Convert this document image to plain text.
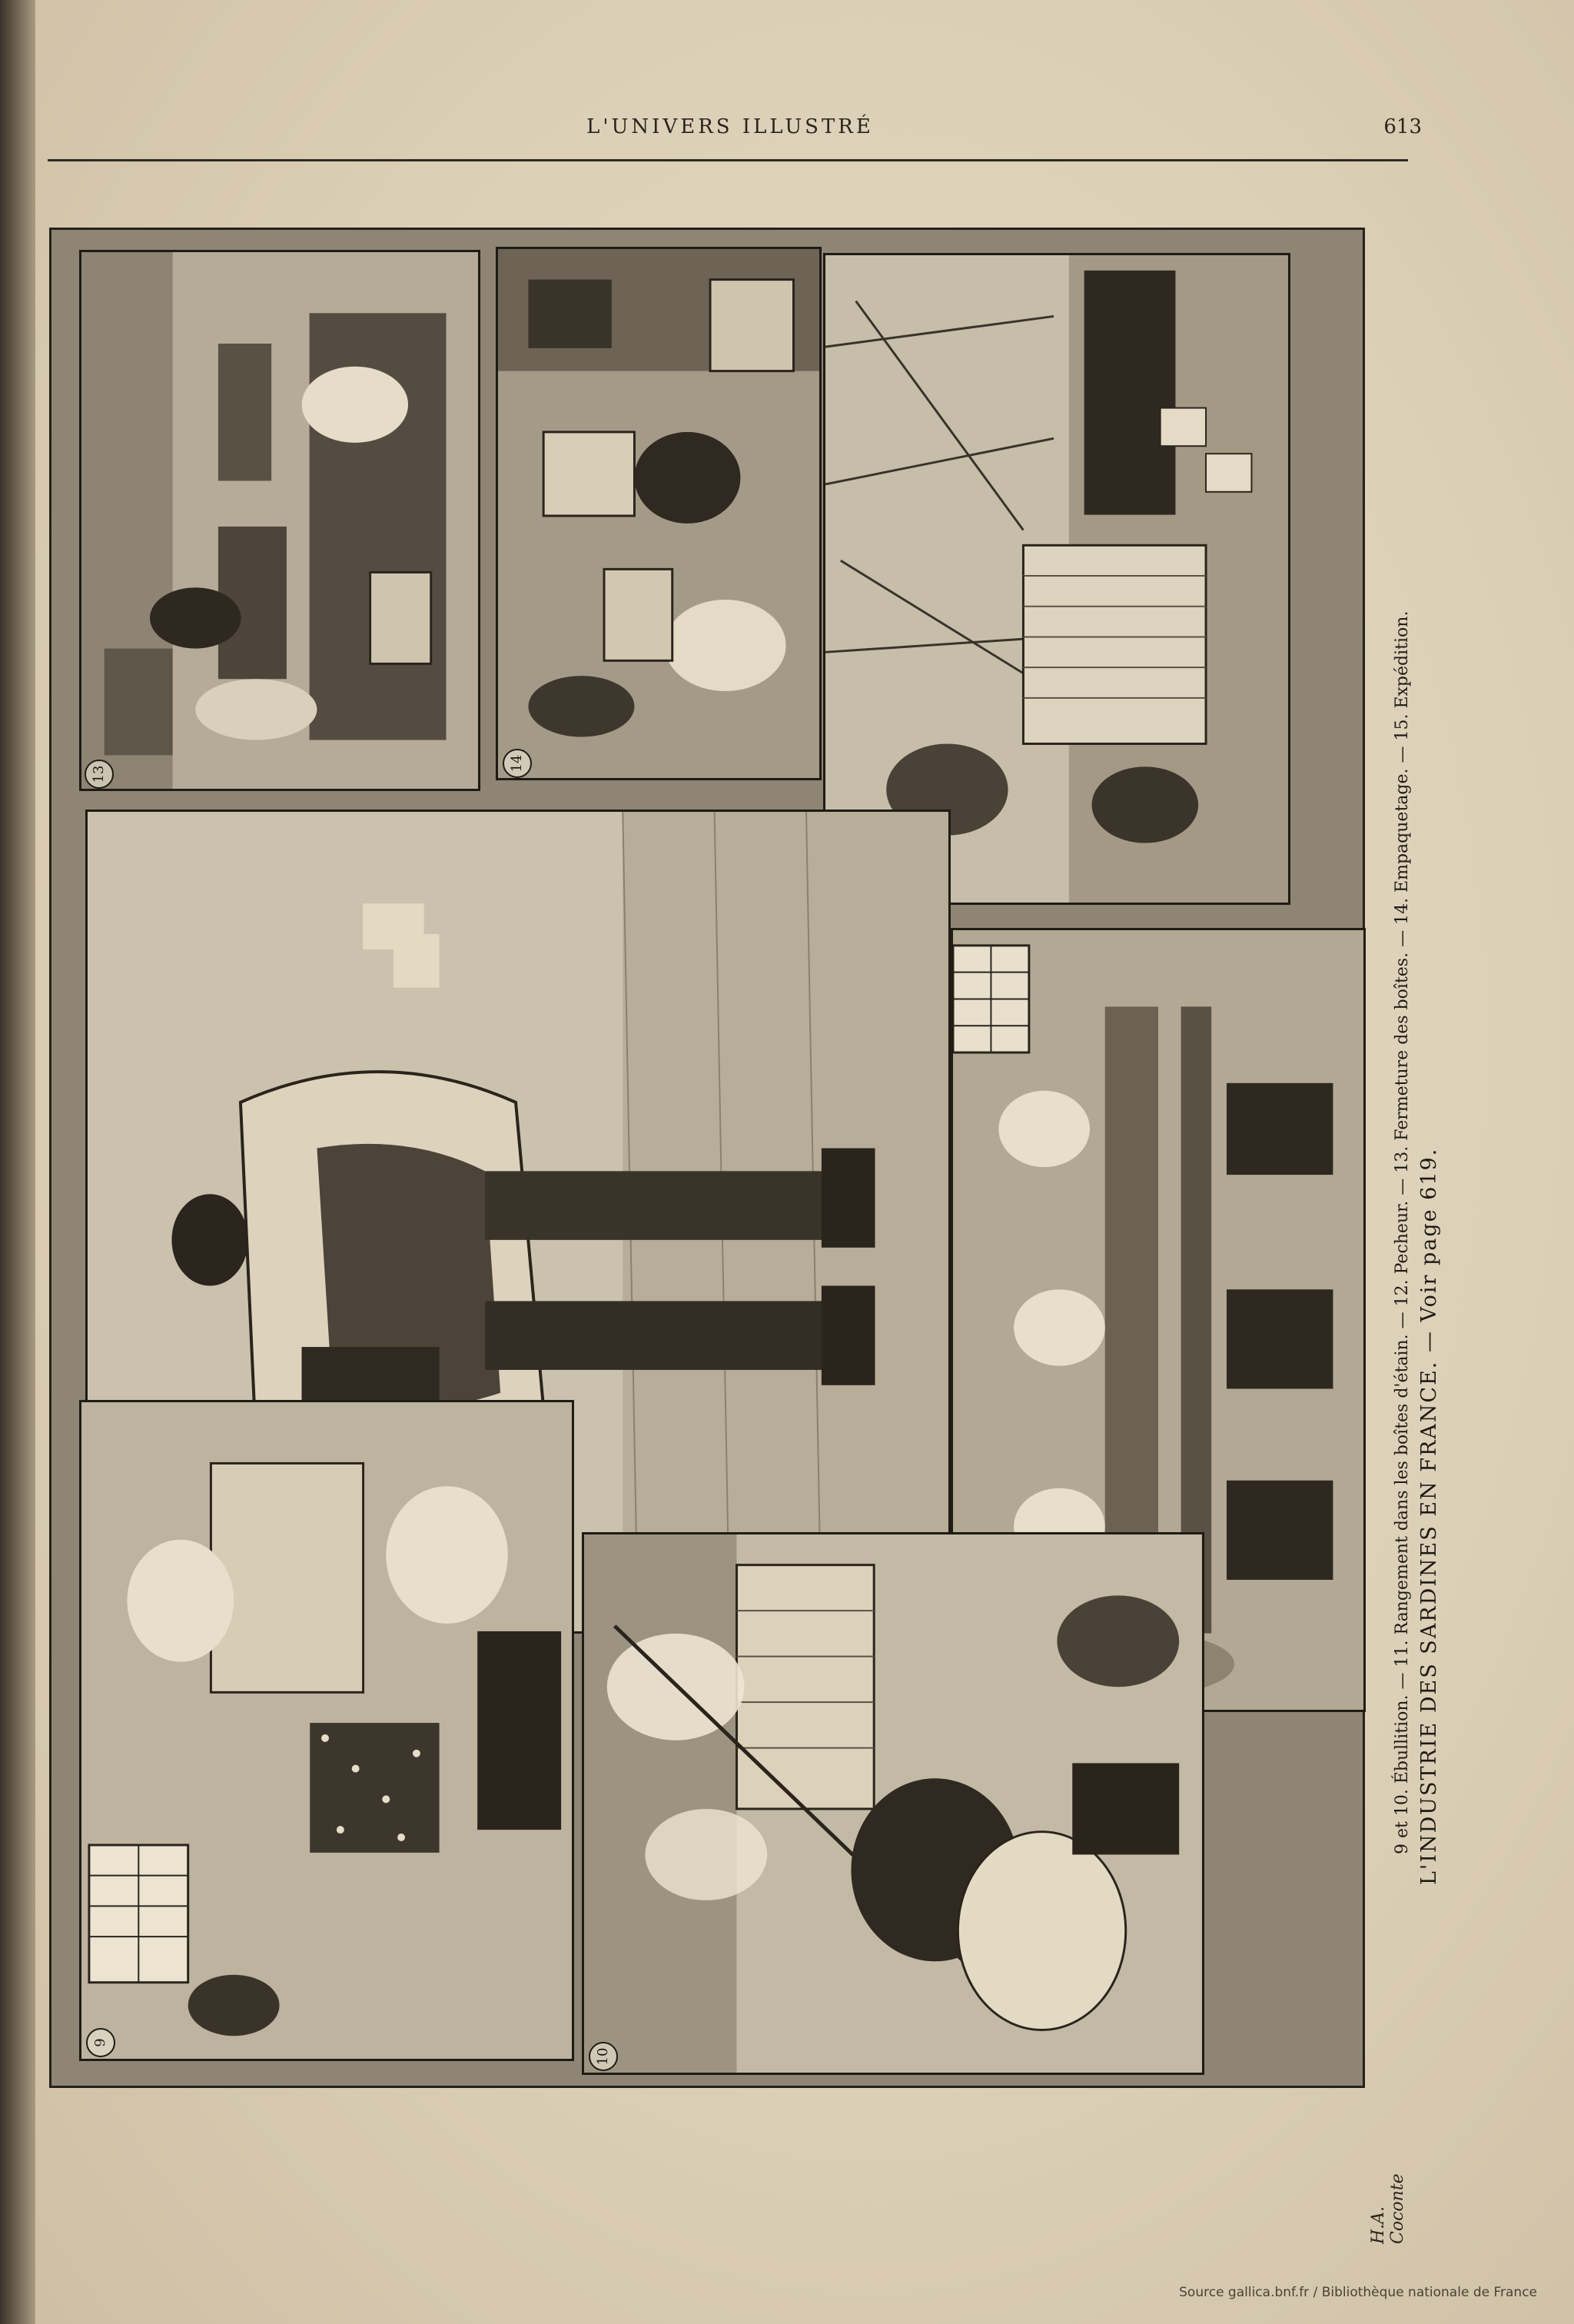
L'UNIVERS ILLUSTRÉ	613
13
14
9
10
H.A. Coconte
9 et 10. Ébullition. — 11. Rangement dans les boîtes d'étain. — 12. Pecheur. — 13. Fermeture des boîtes. — 14. Empaquetage. — 15. Expédition. L'INDUSTRIE DES SARDINES EN FRANCE. — Voir page 619.
Source gallica.bnf.fr / Bibliothèque nationale de France
